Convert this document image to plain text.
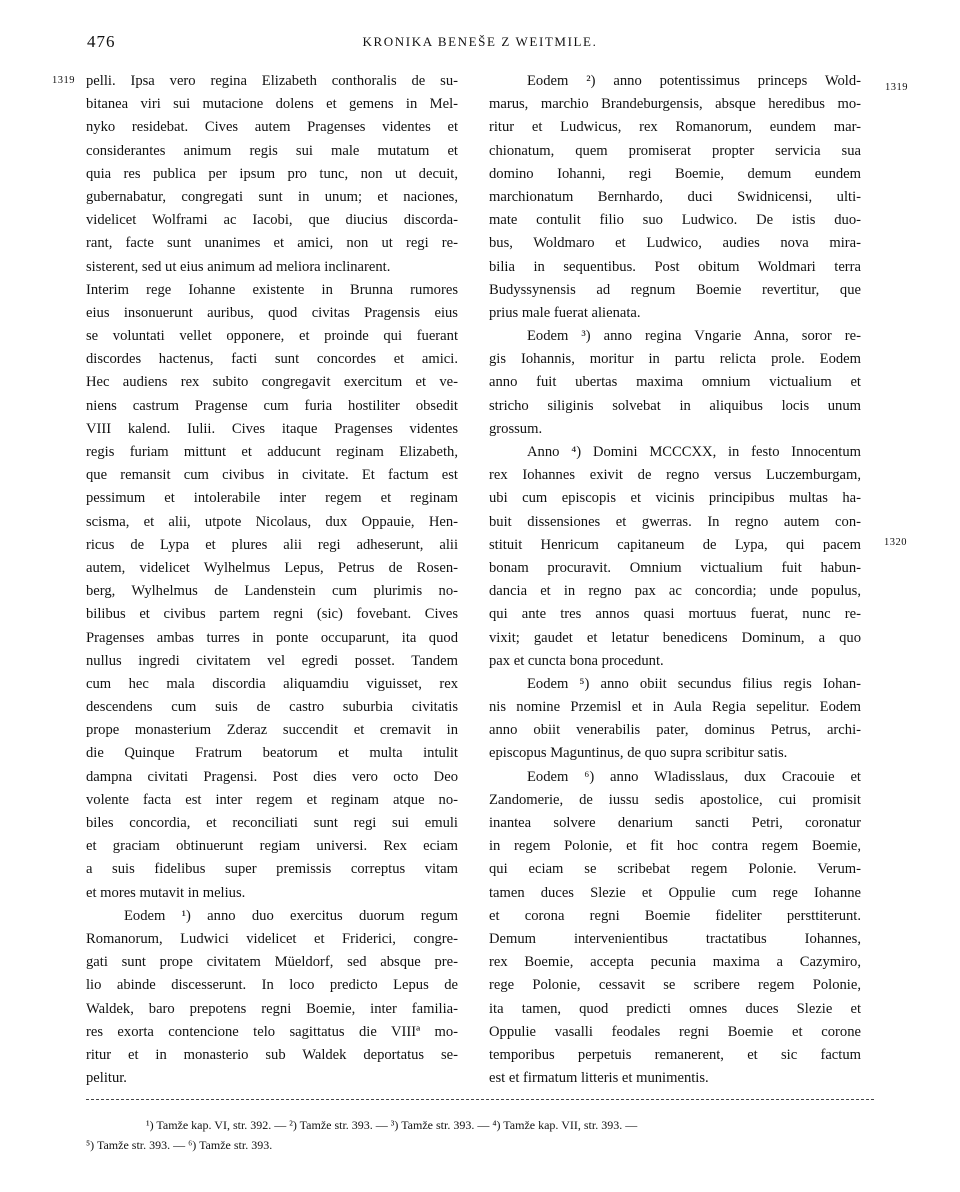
476	KRONIKA BENEŠE Z WEITMILE.
1319
1319
1320
pelli. Ipsa vero regina Elizabeth conthoralis de su-
bitanea viri sui mutacione dolens et gemens in Mel-
nyko residebat. Cives autem Pragenses videntes et
considerantes animum regis sui male mutatum et
quia res publica per ipsum pro tunc, non ut decuit,
gubernabatur, congregati sunt in unum; et naciones,
videlicet Wolframi ac Iacobi, que diucius discorda-
rant, facte sunt unanimes et amici, non ut regi re-
sisterent, sed ut eius animum ad meliora inclinarent.
Interim rege Iohanne existente in Brunna rumores
eius insonuerunt auribus, quod civitas Pragensis eius
se voluntati vellet opponere, et proinde qui fuerant
discordes hactenus, facti sunt concordes et amici.
Hec audiens rex subito congregavit exercitum et ve-
niens castrum Pragense cum furia hostiliter obsedit
VIII kalend. Iulii. Cives itaque Pragenses videntes
regis furiam mittunt et adducunt reginam Elizabeth,
que remansit cum civibus in civitate. Et factum est
pessimum et intolerabile inter regem et reginam
scisma, et alii, utpote Nicolaus, dux Oppauie, Hen-
ricus de Lypa et plures alii regi adheserunt, alii
autem, videlicet Wylhelmus Lepus, Petrus de Rosen-
berg, Wylhelmus de Landenstein cum plurimis no-
bilibus et civibus partem regni (sic) fovebant. Cives
Pragenses ambas turres in ponte occuparunt, ita quod
nullus ingredi civitatem vel egredi posset. Tandem
cum hec mala discordia aliquamdiu viguisset, rex
descendens cum suis de castro suburbia civitatis
prope monasterium Zderaz succendit et cremavit in
die Quinque Fratrum beatorum et multa intulit
dampna civitati Pragensi. Post dies vero octo Deo
volente facta est inter regem et reginam atque no-
biles concordia, et reconciliati sunt regi sui emuli
et graciam obtinuerunt regiam universi. Rex eciam
a suis fidelibus super premissis correptus vitam
et mores mutavit in melius.
Eodem ¹) anno duo exercitus duorum regum
Romanorum, Ludwici videlicet et Friderici, congre-
gati sunt prope civitatem Müeldorf, sed absque pre-
lio abinde discesserunt. In loco predicto Lepus de
Waldek, baro prepotens regni Boemie, inter familia-
res exorta contencione telo sagittatus die VIIIª mo-
ritur et in monasterio sub Waldek deportatus se-
pelitur.
Eodem ²) anno potentissimus princeps Wold-
marus, marchio Brandeburgensis, absque heredibus mo-
ritur et Ludwicus, rex Romanorum, eundem mar-
chionatum, quem promiserat propter servicia sua
domino Iohanni, regi Boemie, demum eundem
marchionatum Bernhardo, duci Swidnicensi, ulti-
mate contulit filio suo Ludwico. De istis duo-
bus, Woldmaro et Ludwico, audies nova mira-
bilia in sequentibus. Post obitum Woldmari terra
Budyssynensis ad regnum Boemie revertitur, que
prius male fuerat alienata.
Eodem ³) anno regina Vngarie Anna, soror re-
gis Iohannis, moritur in partu relicta prole. Eodem
anno fuit ubertas maxima omnium victualium et
stricho siliginis solvebat in aliquibus locis unum
grossum.
Anno ⁴) Domini MCCCXX, in festo Innocentum
rex Iohannes exivit de regno versus Luczemburgam,
ubi cum episcopis et vicinis principibus multas ha-
buit dissensiones et gwerras. In regno autem con-
stituit Henricum capitaneum de Lypa, qui pacem
bonam procuravit. Omnium victualium fuit habun-
dancia et in regno pax ac concordia; unde populus,
qui ante tres annos quasi mortuus fuerat, nunc re-
vixit; gaudet et letatur benedicens Dominum, a quo
pax et cuncta bona procedunt.
Eodem ⁵) anno obiit secundus filius regis Iohan-
nis nomine Przemisl et in Aula Regia sepelitur. Eodem
anno obiit venerabilis pater, dominus Petrus, archi-
episcopus Maguntinus, de quo supra scribitur satis.
Eodem ⁶) anno Wladisslaus, dux Cracouie et
Zandomerie, de iussu sedis apostolice, cui promisit
inantea solvere denarium sancti Petri, coronatur
in regem Polonie, et fit hoc contra regem Boemie,
qui eciam se scribebat regem Polonie. Verum-
tamen duces Slezie et Oppulie cum rege Iohanne
et corona regni Boemie fideliter persttiterunt.
Demum intervenientibus tractatibus Iohannes,
rex Boemie, accepta pecunia maxima a Cazymiro,
rege Polonie, cessavit se scribere regem Polonie,
ita tamen, quod predicti omnes duces Slezie et
Oppulie vasalli feodales regni Boemie et corone
temporibus perpetuis remanerent, et sic factum
est et firmatum litteris et munimentis.
¹) Tamže kap. VI, str. 392. — ²) Tamže str. 393. — ³) Tamže str. 393. — ⁴) Tamže kap. VII, str. 393. —
⁵) Tamže str. 393. — ⁶) Tamže str. 393.
